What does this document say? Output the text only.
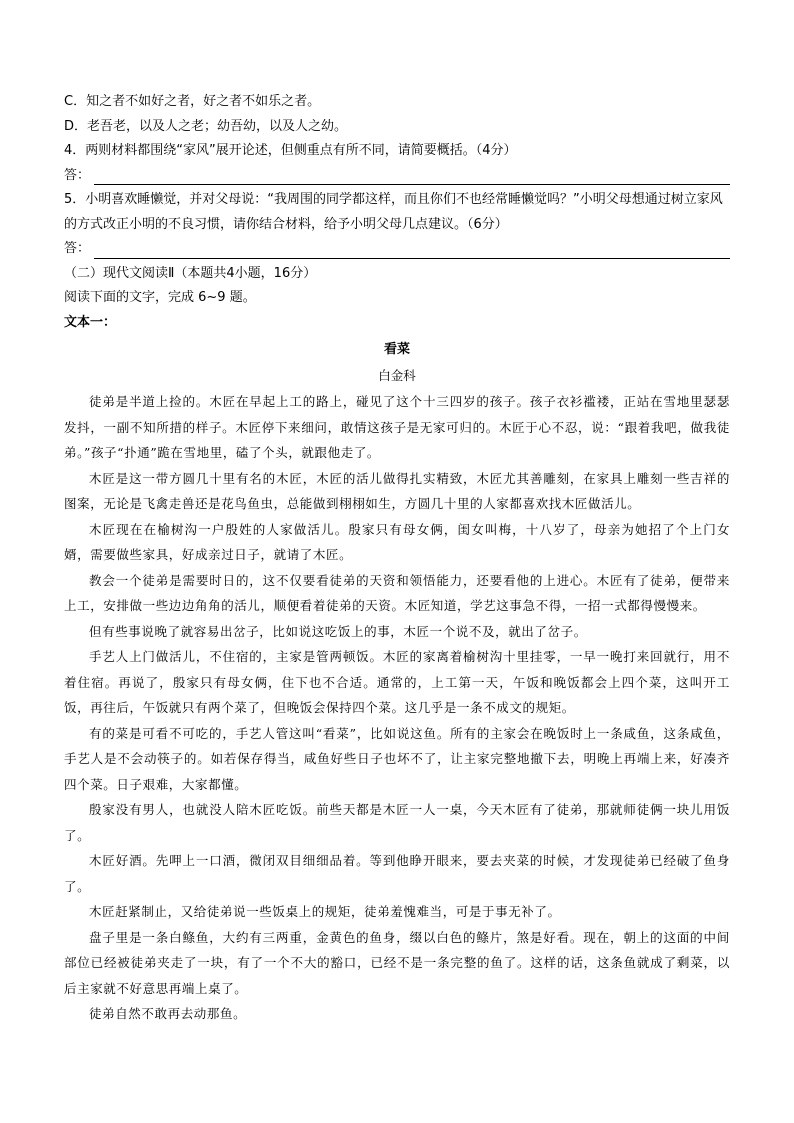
C．知之者不如好之者，好之者不如乐之者。
D．老吾老，以及人之老；幼吾幼，以及人之幼。
4．两则材料都围绕“家风”展开论述，但侧重点有所不同，请简要概括。（4分）
答：
5．小明喜欢睡懒觉，并对父母说：“我周围的同学都这样，而且你们不也经常睡懒觉吗？”小明父母想通过树立家风的方式改正小明的不良习惯，请你结合材料，给予小明父母几点建议。（6分）
答：
（二）现代文阅读Ⅱ（本题共4小题，16分）
阅读下面的文字，完成 6~9 题。
文本一：
看菜
白金科

徒弟是半道上捡的。木匠在早起上工的路上，碰见了这个十三四岁的孩子。孩子衣衫褴褛，正站在雪地里瑟瑟发抖，一副不知所措的样子。木匠停下来细问，敢情这孩子是无家可归的。木匠于心不忍，说：“跟着我吧，做我徒弟。”孩子“扑通”跪在雪地里，磕了个头，就跟他走了。

木匠是这一带方圆几十里有名的木匠，木匠的活儿做得扎实精致，木匠尤其善雕刻，在家具上雕刻一些吉祥的图案，无论是飞禽走兽还是花鸟鱼虫，总能做到栩栩如生，方圆几十里的人家都喜欢找木匠做活儿。

木匠现在在榆树沟一户殷姓的人家做活儿。殷家只有母女俩，闺女叫梅，十八岁了，母亲为她招了个上门女婿，需要做些家具，好成亲过日子，就请了木匠。

教会一个徒弟是需要时日的，这不仅要看徒弟的天资和领悟能力，还要看他的上进心。木匠有了徒弟，便带来上工，安排做一些边边角角的活儿，顺便看着徒弟的天资。木匠知道，学艺这事急不得，一招一式都得慢慢来。

但有些事说晚了就容易出岔子，比如说这吃饭上的事，木匠一个说不及，就出了岔子。

手艺人上门做活儿，不住宿的，主家是管两顿饭。木匠的家离着榆树沟十里挂零，一早一晚打来回就行，用不着住宿。再说了，殷家只有母女俩，住下也不合适。通常的，上工第一天，午饭和晚饭都会上四个菜，这叫开工饭，再往后，午饭就只有两个菜了，但晚饭会保持四个菜。这几乎是一条不成文的规矩。

有的菜是可看不可吃的，手艺人管这叫“看菜”，比如说这鱼。所有的主家会在晚饭时上一条咸鱼，这条咸鱼，手艺人是不会动筷子的。如若保存得当，咸鱼好些日子也坏不了，让主家完整地撤下去，明晚上再端上来，好凑齐四个菜。日子艰难，大家都懂。

殷家没有男人，也就没人陪木匠吃饭。前些天都是木匠一人一桌，今天木匠有了徒弟，那就师徒俩一块儿用饭了。

木匠好酒。先呷上一口酒，微闭双目细细品着。等到他睁开眼来，要去夹菜的时候，才发现徒弟已经破了鱼身了。

木匠赶紧制止，又给徒弟说一些饭桌上的规矩，徒弟羞愧难当，可是于事无补了。

盘子里是一条白鲦鱼，大约有三两重，金黄色的鱼身，缀以白色的鲦片，煞是好看。现在，朝上的这面的中间部位已经被徒弟夹走了一块，有了一个不大的豁口，已经不是一条完整的鱼了。这样的话，这条鱼就成了剩菜，以后主家就不好意思再端上桌了。

徒弟自然不敢再去动那鱼。
